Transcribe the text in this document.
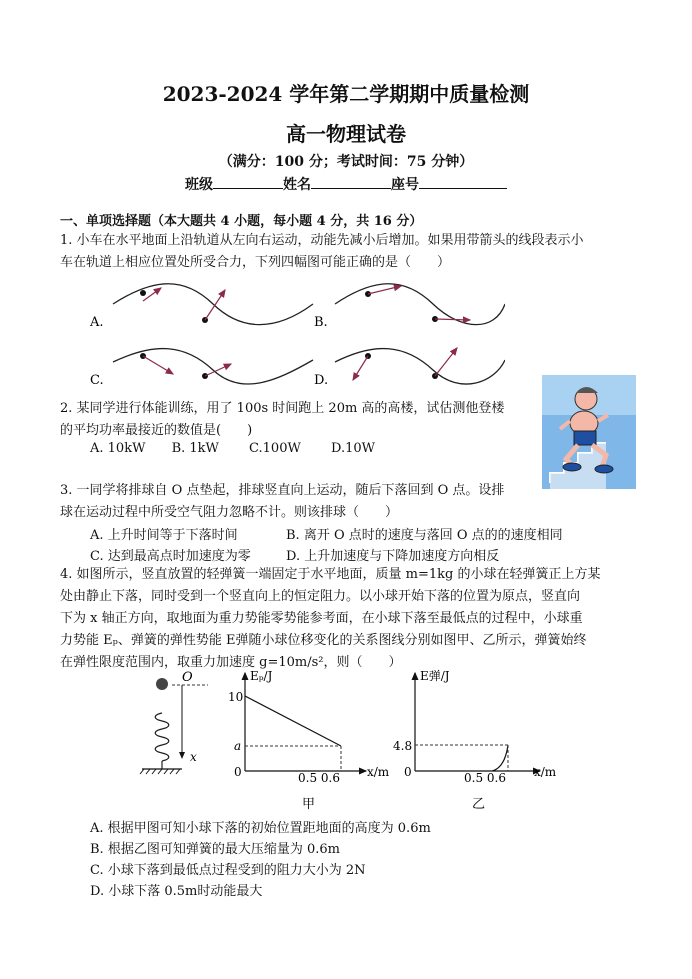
2023-2024 学年第二学期期中质量检测
高一物理试卷
（满分：100 分；考试时间：75 分钟）
班级	姓名	座号
一、单项选择题（本大题共 4 小题，每小题 4 分，共 16 分）
1. 小车在水平地面上沿轨道从左向右运动，动能先减小后增加。如果用带箭头的线段表示小
车在轨道上相应位置处所受合力，下列四幅图可能正确的是（　　）
A.	B.
C.	D.
2. 某同学进行体能训练，用了 100s 时间跑上 20m 高的高楼，试估测他登楼
的平均功率最接近的数值是(　　)
A. 10kW B. 1kW C.100W D.10W
3. 一同学将排球自 O 点垫起，排球竖直向上运动，随后下落回到 O 点。设排
球在运动过程中所受空气阻力忽略不计。则该排球（　　）
A. 上升时间等于下落时间	B. 离开 O 点时的速度与落回 O 点的的速度相同
C. 达到最高点时加速度为零	D. 上升加速度与下降加速度方向相反
4. 如图所示，竖直放置的轻弹簧一端固定于水平地面，质量 m=1kg 的小球在轻弹簧正上方某
处由静止下落，同时受到一个竖直向上的恒定阻力。以小球开始下落的位置为原点，竖直向
下为 x 轴正方向，取地面为重力势能零势能参考面，在小球下落至最低点的过程中，小球重
力势能 Eₚ、弹簧的弹性势能 E弹随小球位移变化的关系图线分别如图甲、乙所示，弹簧始终
在弹性限度范围内，取重力加速度 g=10m/s²，则（　　）
O
x
Eₚ/J
10
a
0	0.5 0.6 x/m
甲
E弹/J
4.8
0	0.5 0.6 x/m
乙
A. 根据甲图可知小球下落的初始位置距地面的高度为 0.6m
B. 根据乙图可知弹簧的最大压缩量为 0.6m
C. 小球下落到最低点过程受到的阻力大小为 2N
D. 小球下落 0.5m时动能最大
